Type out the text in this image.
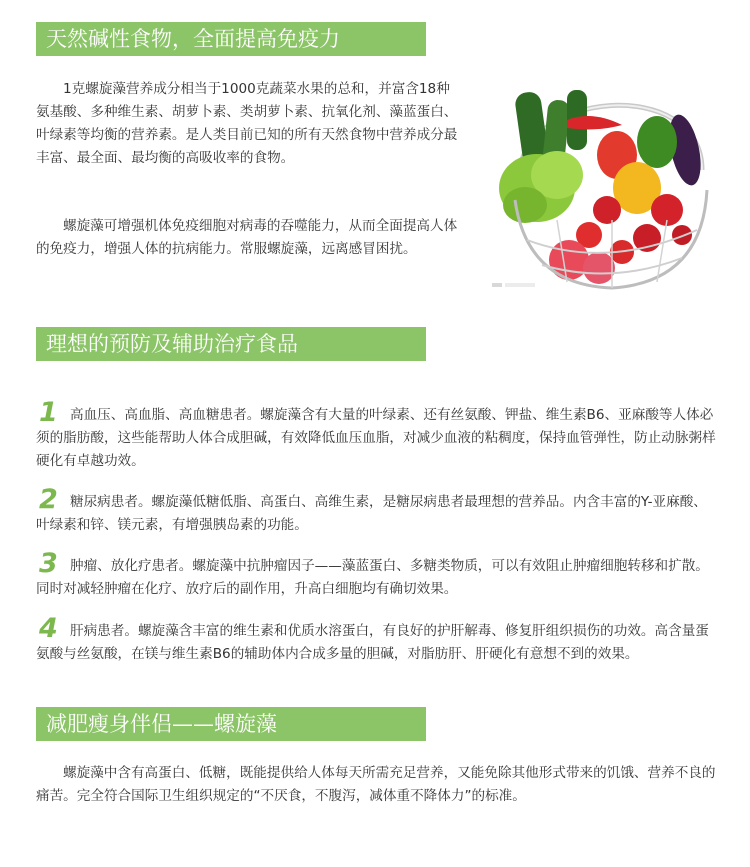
天然碱性食物，全面提高免疫力

1克螺旋藻营养成分相当于1000克蔬菜水果的总和，并富含18种氨基酸、多种维生素、胡萝卜素、类胡萝卜素、抗氧化剂、藻蓝蛋白、叶绿素等均衡的营养素。是人类目前已知的所有天然食物中营养成分最丰富、最全面、最均衡的高吸收率的食物。

螺旋藻可增强机体免疫细胞对病毒的吞噬能力，从而全面提高人体的免疫力，增强人体的抗病能力。常服螺旋藻，远离感冒困扰。

理想的预防及辅助治疗食品

1 高血压、高血脂、高血糖患者。螺旋藻含有大量的叶绿素、还有丝氨酸、钾盐、维生素B6、亚麻酸等人体必须的脂肪酸，这些能帮助人体合成胆碱，有效降低血压血脂，对减少血液的粘稠度，保持血管弹性，防止动脉粥样硬化有卓越功效。

2 糖尿病患者。螺旋藻低糖低脂、高蛋白、高维生素，是糖尿病患者最理想的营养品。内含丰富的Y-亚麻酸、叶绿素和锌、镁元素，有增强胰岛素的功能。

3 肿瘤、放化疗患者。螺旋藻中抗肿瘤因子——藻蓝蛋白、多糖类物质，可以有效阻止肿瘤细胞转移和扩散。同时对减轻肿瘤在化疗、放疗后的副作用，升高白细胞均有确切效果。

4 肝病患者。螺旋藻含丰富的维生素和优质水溶蛋白，有良好的护肝解毒、修复肝组织损伤的功效。高含量蛋氨酸与丝氨酸，在镁与维生素B6的辅助体内合成多量的胆碱，对脂肪肝、肝硬化有意想不到的效果。

减肥瘦身伴侣——螺旋藻

螺旋藻中含有高蛋白、低糖，既能提供给人体每天所需充足营养，又能免除其他形式带来的饥饿、营养不良的痛苦。完全符合国际卫生组织规定的“不厌食，不腹泻，减体重不降体力”的标准。
